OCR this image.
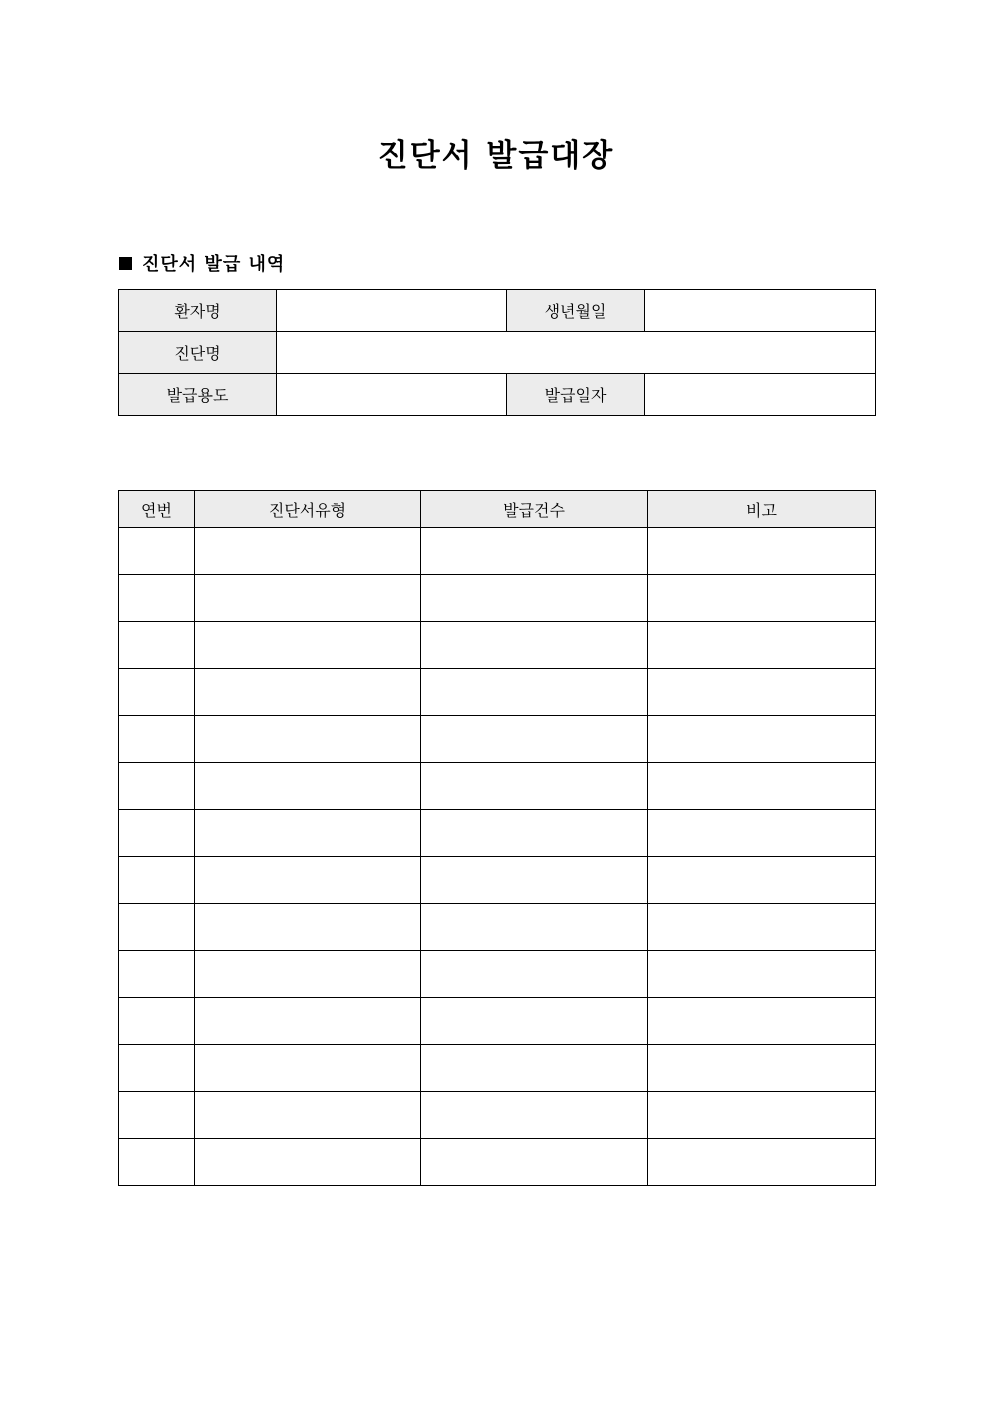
진단서 발급대장
진단서 발급 내역
환자명		생년월일	
진단명			
발급용도		발급일자	
연번	진단서유형	발급건수	비고
